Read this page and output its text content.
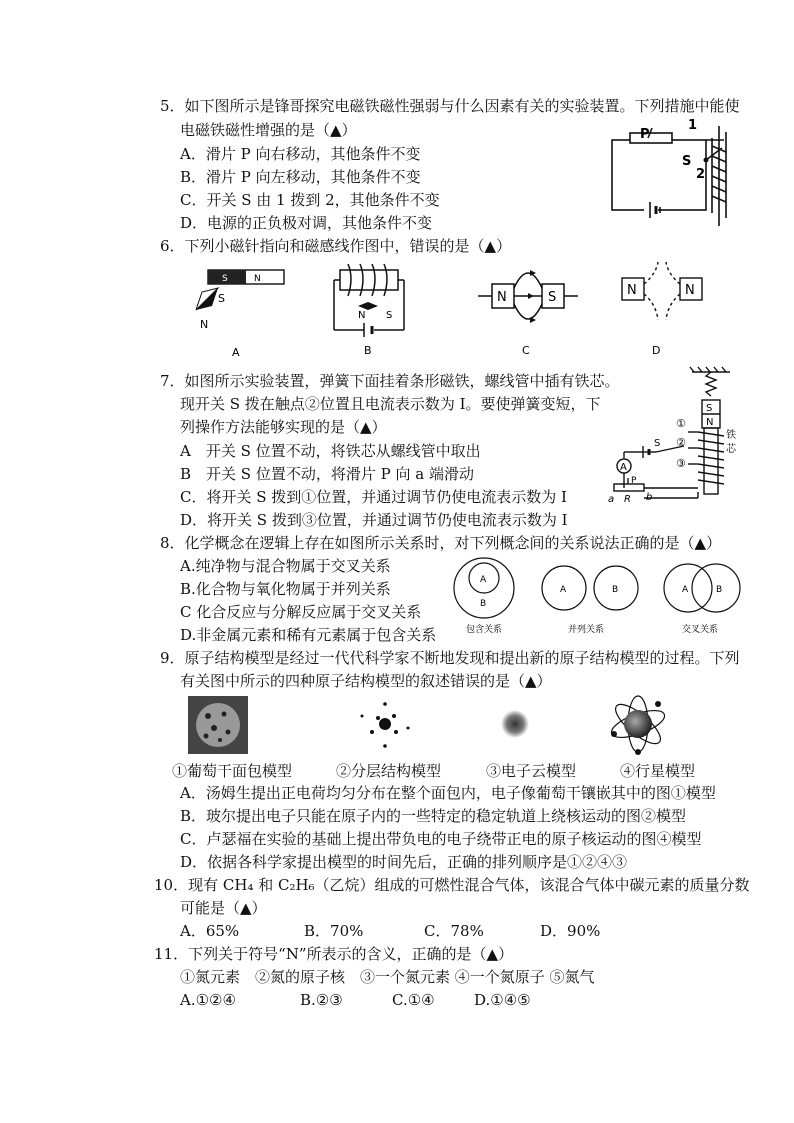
5．如下图所示是锋哥探究电磁铁磁性强弱与什么因素有关的实验装置。下列措施中能使
电磁铁磁性增强的是（▲）
A．滑片 P 向右移动，其他条件不变
B．滑片 P 向左移动，其他条件不变
C．开关 S 由 1 拨到 2，其他条件不变
D．电源的正负极对调，其他条件不变
P
1
S
2
6．下列小磁针指向和磁感线作图中，错误的是（▲）
S	N
S
N
A
N S
B
N	S
C
N	N
D
7．如图所示实验装置，弹簧下面挂着条形磁铁，螺线管中插有铁芯。
现开关 S 拨在触点②位置且电流表示数为 I。要使弹簧变短，下
列操作方法能够实现的是（▲）
A　开关 S 位置不动，将铁芯从螺线管中取出
B　开关 S 位置不动，将滑片 P 向 a 端滑动
C．将开关 S 拨到①位置，并通过调节仍使电流表示数为 I
D．将开关 S 拨到③位置，并通过调节仍使电流表示数为 I
S
N
①
②
③
S
A
P
R
a	b
铁
芯
8．化学概念在逻辑上存在如图所示关系时，对下列概念间的关系说法正确的是（▲）
A.纯净物与混合物属于交叉关系
B.化合物与氧化物属于并列关系
C 化合反应与分解反应属于交叉关系
D.非金属元素和稀有元素属于包含关系
A
B
A	B	A	B
包含关系	并列关系	交叉关系
9．原子结构模型是经过一代代科学家不断地发现和提出新的原子结构模型的过程。下列
有关图中所示的四种原子结构模型的叙述错误的是（▲）
①葡萄干面包模型	②分层结构模型	③电子云模型	④行星模型
A．汤姆生提出正电荷均匀分布在整个面包内，电子像葡萄干镶嵌其中的图①模型
B．玻尔提出电子只能在原子内的一些特定的稳定轨道上绕核运动的图②模型
C．卢瑟福在实验的基础上提出带负电的电子绕带正电的原子核运动的图④模型
D．依据各科学家提出模型的时间先后，正确的排列顺序是①②④③
10．现有 CH₄ 和 C₂H₆（乙烷）组成的可燃性混合气体，该混合气体中碳元素的质量分数
可能是（▲）
A．65%	B．70%	C．78%	D．90%
11．下列关于符号“N”所表示的含义，正确的是（▲）
①氮元素　②氮的原子核　③一个氮元素 ④一个氮原子 ⑤氮气
A.①②④	B.②③	C.①④	D.①④⑤
